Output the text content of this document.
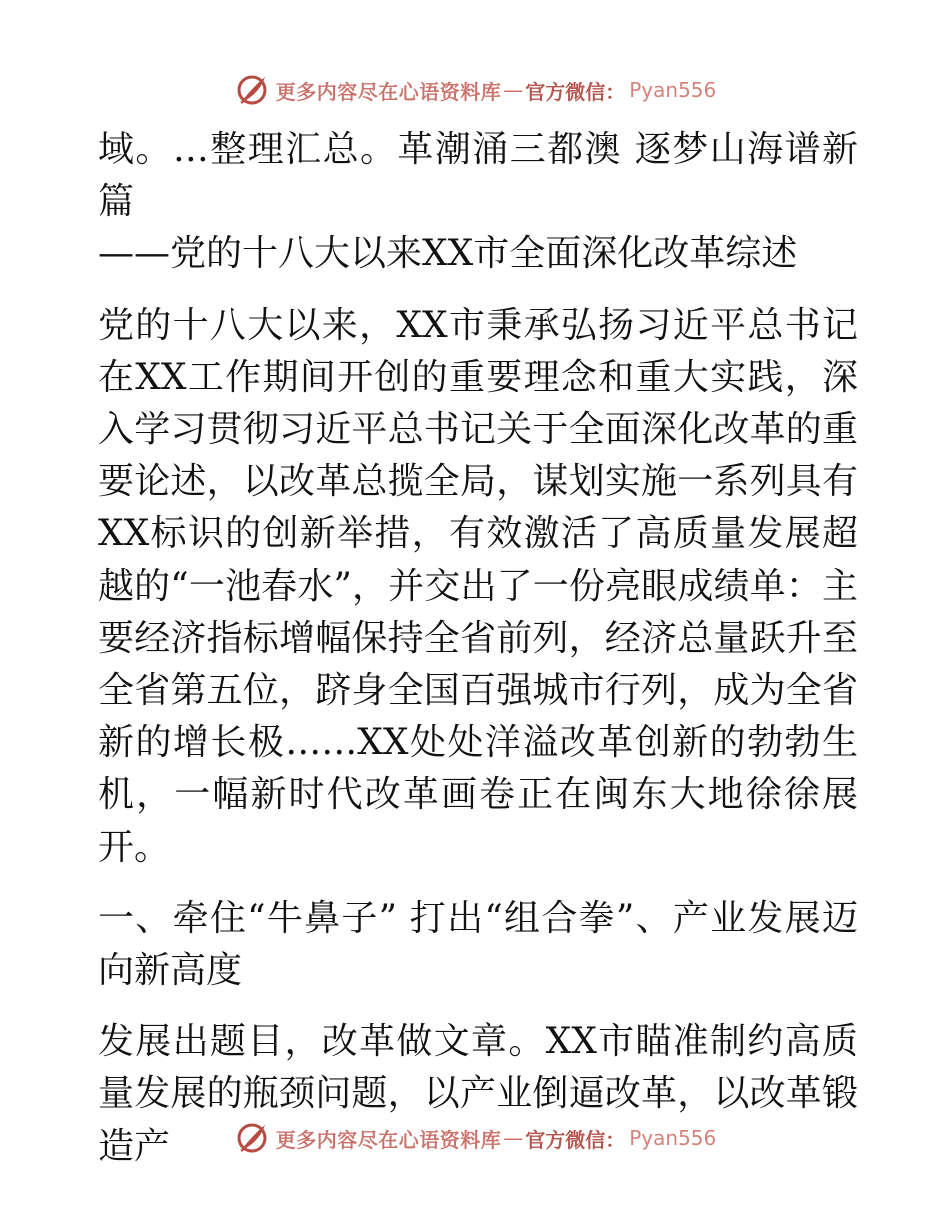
更多内容尽在心语资料库 — 官方微信： Pyan556

域。…整理汇总。革潮涌三都澳 逐梦山海谱新篇

——党的十八大以来XX市全面深化改革综述

党的十八大以来，XX市秉承弘扬习近平总书记在XX工作期间开创的重要理念和重大实践，深入学习贯彻习近平总书记关于全面深化改革的重要论述，以改革总揽全局，谋划实施一系列具有XX标识的创新举措，有效激活了高质量发展超越的“一池春水”，并交出了一份亮眼成绩单：主要经济指标增幅保持全省前列，经济总量跃升至全省第五位，跻身全国百强城市行列，成为全省新的增长极……XX处处洋溢改革创新的勃勃生机，一幅新时代改革画卷正在闽东大地徐徐展开。

一、牵住“牛鼻子” 打出“组合拳”、产业发展迈向新高度

发展出题目，改革做文章。XX市瞄准制约高质量发展的瓶颈问题，以产业倒逼改革，以改革锻造产	更多内容尽在心语资料库 — 官方微信： Pyan556
